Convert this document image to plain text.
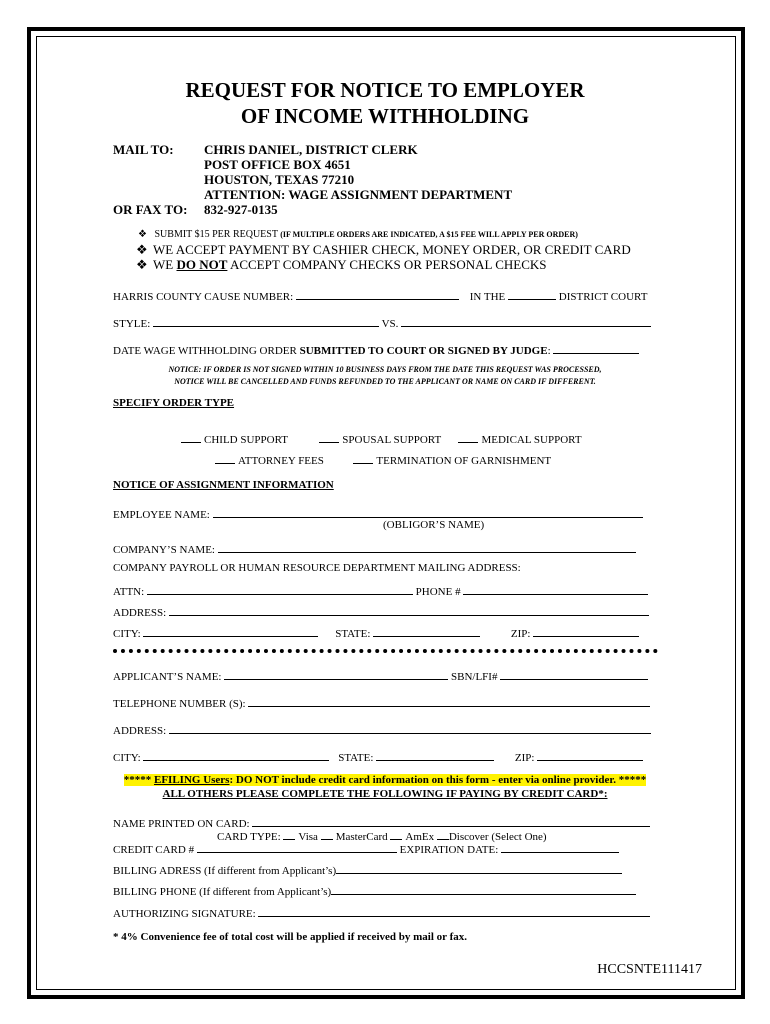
REQUEST FOR NOTICE TO EMPLOYER
OF INCOME WITHHOLDING
MAIL TO: CHRIS DANIEL, DISTRICT CLERK
POST OFFICE BOX 4651
HOUSTON, TEXAS 77210
ATTENTION: WAGE ASSIGNMENT DEPARTMENT
OR FAX TO: 832-927-0135
❖ SUBMIT $15 PER REQUEST (IF MULTIPLE ORDERS ARE INDICATED, A $15 FEE WILL APPLY PER ORDER)
❖ WE ACCEPT PAYMENT BY CASHIER CHECK, MONEY ORDER, OR CREDIT CARD
❖ WE DO NOT ACCEPT COMPANY CHECKS OR PERSONAL CHECKS
HARRIS COUNTY CAUSE NUMBER:	IN THE	DISTRICT COURT
STYLE:	VS.
DATE WAGE WITHHOLDING ORDER SUBMITTED TO COURT OR SIGNED BY JUDGE:
NOTICE: IF ORDER IS NOT SIGNED WITHIN 10 BUSINESS DAYS FROM THE DATE THIS REQUEST WAS PROCESSED,
NOTICE WILL BE CANCELLED AND FUNDS REFUNDED TO THE APPLICANT OR NAME ON CARD IF DIFFERENT.
SPECIFY ORDER TYPE
CHILD SUPPORT	SPOUSAL SUPPORT	MEDICAL SUPPORT
ATTORNEY FEES	TERMINATION OF GARNISHMENT
NOTICE OF ASSIGNMENT INFORMATION
EMPLOYEE NAME:
(OBLIGOR’S NAME)
COMPANY’S NAME:
COMPANY PAYROLL OR HUMAN RESOURCE DEPARTMENT MAILING ADDRESS:
ATTN:	PHONE #
ADDRESS:
CITY:	STATE:	ZIP:
APPLICANT’S NAME:	SBN/LFI#
TELEPHONE NUMBER (S):
ADDRESS:
CITY:	STATE:	ZIP:
***** EFILING Users: DO NOT include credit card information on this form - enter via online provider. *****
ALL OTHERS PLEASE COMPLETE THE FOLLOWING IF PAYING BY CREDIT CARD*:
NAME PRINTED ON CARD:
CARD TYPE: Visa MasterCard AmEx Discover (Select One)
CREDIT CARD #	EXPIRATION DATE:
BILLING ADRESS (If different from Applicant’s)
BILLING PHONE (If different from Applicant’s)
AUTHORIZING SIGNATURE:
* 4% Convenience fee of total cost will be applied if received by mail or fax.
HCCSNTE111417
